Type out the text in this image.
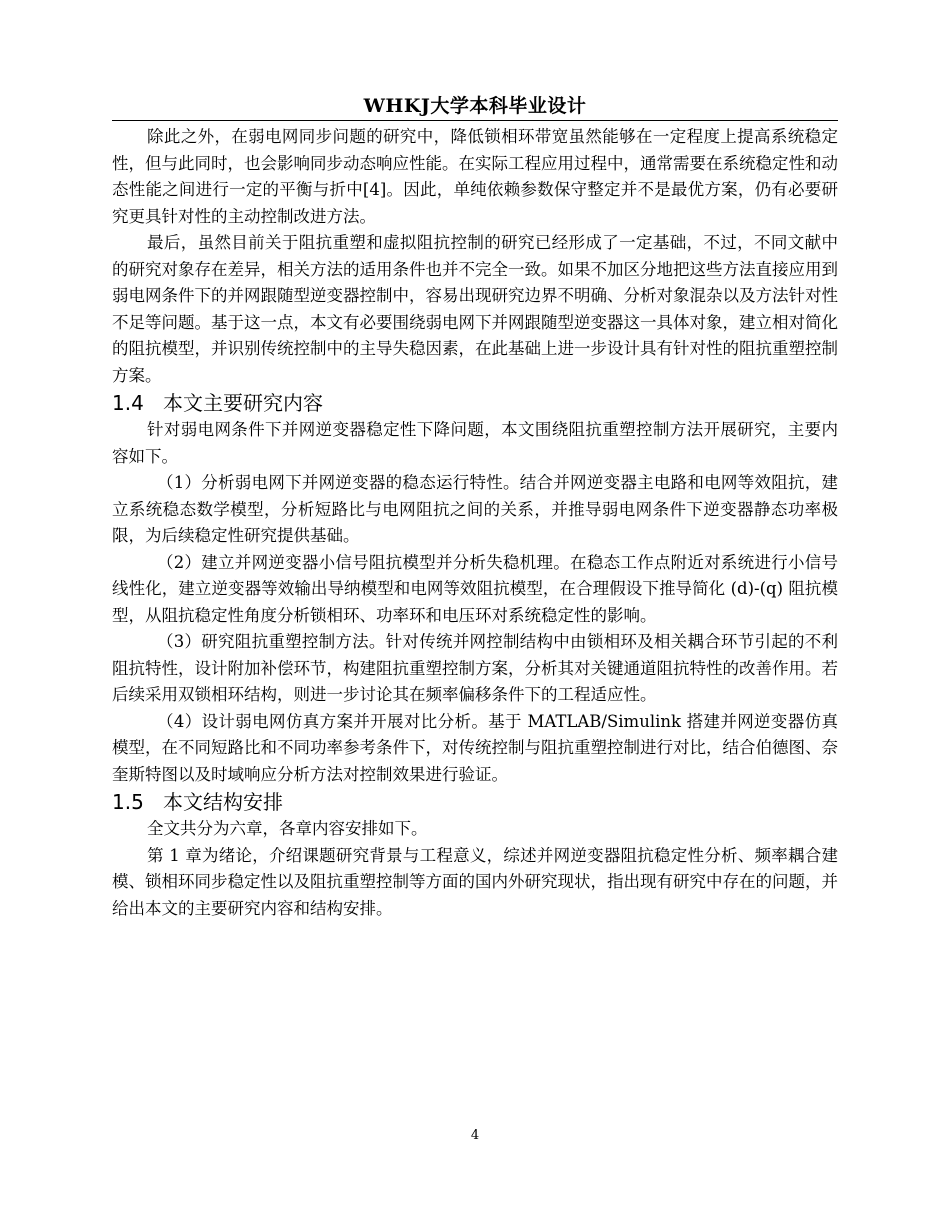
WHKJ大学本科毕业设计

除此之外，在弱电网同步问题的研究中，降低锁相环带宽虽然能够在一定程度上提高系统稳定性，但与此同时，也会影响同步动态响应性能。在实际工程应用过程中，通常需要在系统稳定性和动态性能之间进行一定的平衡与折中[4]。因此，单纯依赖参数保守整定并不是最优方案，仍有必要研究更具针对性的主动控制改进方法。

最后，虽然目前关于阻抗重塑和虚拟阻抗控制的研究已经形成了一定基础，不过，不同文献中的研究对象存在差异，相关方法的适用条件也并不完全一致。如果不加区分地把这些方法直接应用到弱电网条件下的并网跟随型逆变器控制中，容易出现研究边界不明确、分析对象混杂以及方法针对性不足等问题。基于这一点，本文有必要围绕弱电网下并网跟随型逆变器这一具体对象，建立相对简化的阻抗模型，并识别传统控制中的主导失稳因素，在此基础上进一步设计具有针对性的阻抗重塑控制方案。

1.4 本文主要研究内容

针对弱电网条件下并网逆变器稳定性下降问题，本文围绕阻抗重塑控制方法开展研究，主要内容如下。

（1）分析弱电网下并网逆变器的稳态运行特性。结合并网逆变器主电路和电网等效阻抗，建立系统稳态数学模型，分析短路比与电网阻抗之间的关系，并推导弱电网条件下逆变器静态功率极限，为后续稳定性研究提供基础。

（2）建立并网逆变器小信号阻抗模型并分析失稳机理。在稳态工作点附近对系统进行小信号线性化，建立逆变器等效输出导纳模型和电网等效阻抗模型，在合理假设下推导简化 (d)-(q) 阻抗模型，从阻抗稳定性角度分析锁相环、功率环和电压环对系统稳定性的影响。

（3）研究阻抗重塑控制方法。针对传统并网控制结构中由锁相环及相关耦合环节引起的不利阻抗特性，设计附加补偿环节，构建阻抗重塑控制方案，分析其对关键通道阻抗特性的改善作用。若后续采用双锁相环结构，则进一步讨论其在频率偏移条件下的工程适应性。

（4）设计弱电网仿真方案并开展对比分析。基于 MATLAB/Simulink 搭建并网逆变器仿真模型，在不同短路比和不同功率参考条件下，对传统控制与阻抗重塑控制进行对比，结合伯德图、奈奎斯特图以及时域响应分析方法对控制效果进行验证。

1.5 本文结构安排

全文共分为六章，各章内容安排如下。

第 1 章为绪论，介绍课题研究背景与工程意义，综述并网逆变器阻抗稳定性分析、频率耦合建模、锁相环同步稳定性以及阻抗重塑控制等方面的国内外研究现状，指出现有研究中存在的问题，并给出本文的主要研究内容和结构安排。

4
